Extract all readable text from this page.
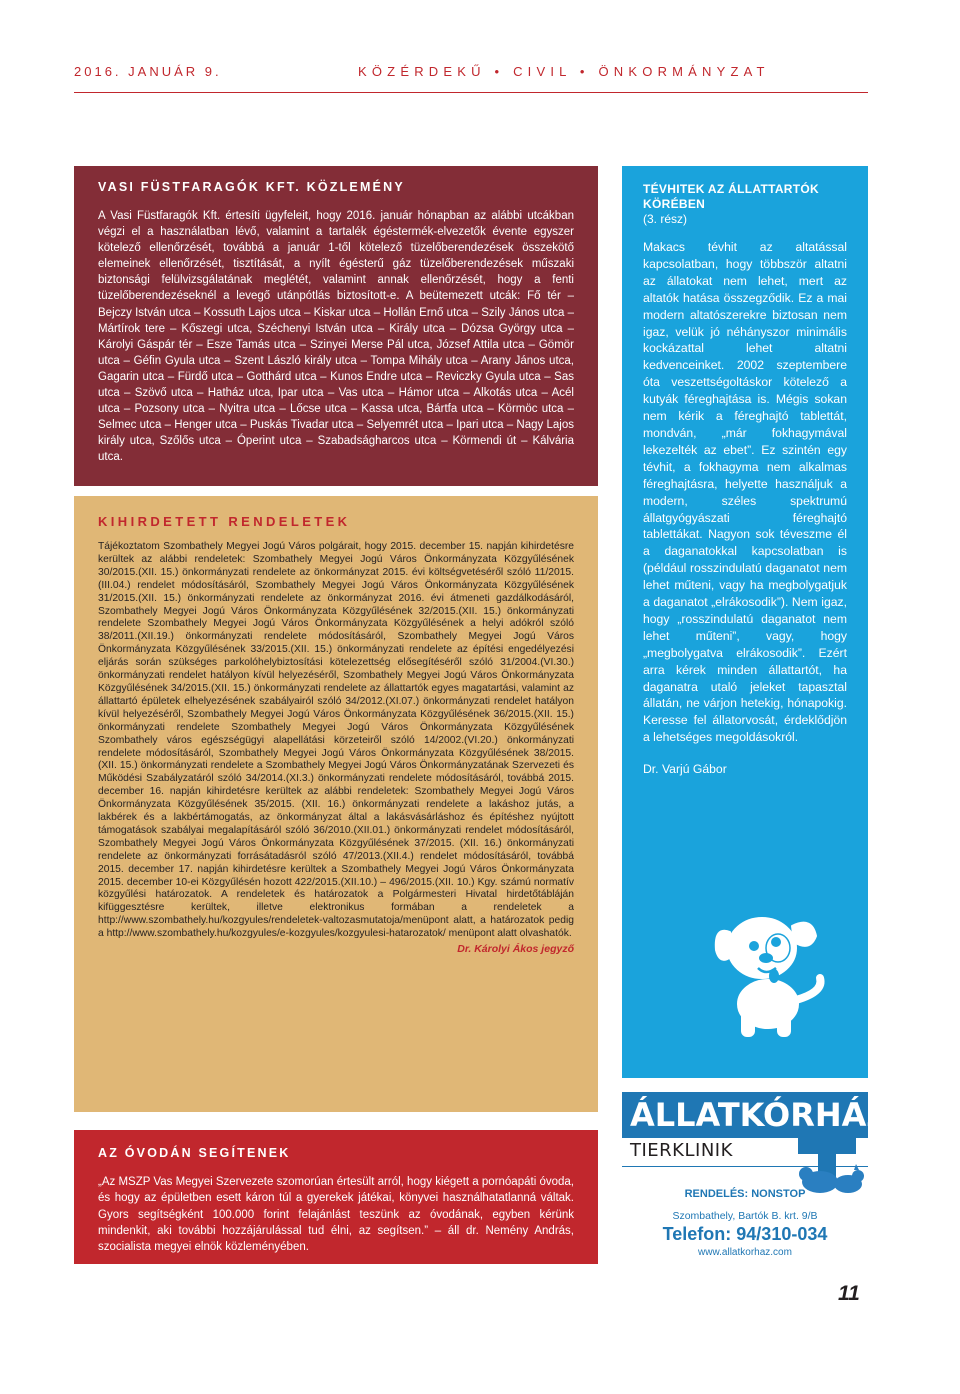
2016. JANUÁR 9.	KÖZÉRDEKŰ • CIVIL • ÖNKORMÁNYZAT
VASI FÜSTFARAGÓK KFT. KÖZLEMÉNY

A Vasi Füstfaragók Kft. értesíti ügyfeleit, hogy 2016. január hónapban az alábbi utcákban végzi el a használatban lévő, valamint a tartalék égéstermék-elvezetők évente egyszer kötelező ellenőrzését, továbbá a január 1-től kötelező tüzelőberendezések összekötő elemeinek ellenőrzését, tisztítását, a nyílt égésterű gáz tüzelőberendezések műszaki biztonsági felülvizsgálatának meglétét, valamint annak ellenőrzését, hogy a fenti tüzelőberendezéseknél a levegő utánpótlás biztosított-e. A beütemezett utcák: Fő tér – Bejczy István utca – Kossuth Lajos utca – Kiskar utca – Hollán Ernő utca – Szily János utca – Mártírok tere – Kőszegi utca, Széchenyi István utca – Király utca – Dózsa György utca – Károlyi Gáspár tér – Esze Tamás utca – Szinyei Merse Pál utca, József Attila utca – Gömör utca – Géfin Gyula utca – Szent László király utca – Tompa Mihály utca – Arany János utca, Gagarin utca – Fürdő utca – Gotthárd utca – Kunos Endre utca – Reviczky Gyula utca – Sas utca – Szövő utca – Hatház utca, Ipar utca – Vas utca – Hámor utca – Alkotás utca – Acél utca – Pozsony utca – Nyitra utca – Lőcse utca – Kassa utca, Bártfa utca – Körmöc utca – Selmec utca – Henger utca – Puskás Tivadar utca – Selyemrét utca – Ipari utca – Nagy Lajos király utca, Szőlős utca – Óperint utca – Szabadságharcos utca – Körmendi út – Kálvária utca.

KIHIRDETETT RENDELETEK

Tájékoztatom Szombathely Megyei Jogú Város polgárait, hogy 2015. december 15. napján kihirdetésre kerültek az alábbi rendeletek: Szombathely Megyei Jogú Város Önkormányzata Közgyűlésének 30/2015.(XII. 15.) önkormányzati rendelete az önkormányzat 2015. évi költségvetéséről szóló 11/2015.(III.04.) rendelet módosításáról, Szombathely Megyei Jogú Város Önkormányzata Közgyűlésének 31/2015.(XII. 15.) önkormányzati rendelete az önkormányzat 2016. évi átmeneti gazdálkodásáról, Szombathely Megyei Jogú Város Önkormányzata Közgyűlésének 32/2015.(XII. 15.) önkormányzati rendelete Szombathely Megyei Jogú Város Önkormányzata Közgyűlésének a helyi adókról szóló 38/2011.(XII.19.) önkormányzati rendelete módosításáról, Szombathely Megyei Jogú Város Önkormányzata Közgyűlésének 33/2015.(XII. 15.) önkormányzati rendelete az építési engedélyezési eljárás során szükséges parkolóhelybiztosítási kötelezettség elősegítéséről szóló 31/2004.(VI.30.) önkormányzati rendelet hatályon kívül helyezéséről, Szombathely Megyei Jogú Város Önkormányzata Közgyűlésének 34/2015.(XII. 15.) önkormányzati rendelete az állattartók egyes magatartási, valamint az állattartó épületek elhelyezésének szabályairól szóló 34/2012.(XI.07.) önkormányzati rendelet hatályon kívül helyezéséről, Szombathely Megyei Jogú Város Önkormányzata Közgyűlésének 36/2015.(XII. 15.) önkormányzati rendelete Szombathely Megyei Jogú Város Önkormányzata Közgyűlésének Szombathely város egészségügyi alapellátási körzeteiről szóló 14/2002.(VI.20.) önkormányzati rendelete módosításáról, Szombathely Megyei Jogú Város Önkormányzata Közgyűlésének 38/2015.(XII. 15.) önkormányzati rendelete a Szombathely Megyei Jogú Város Önkormányzatának Szervezeti és Működési Szabályzatáról szóló 34/2014.(XI.3.) önkormányzati rendelete módosításáról, továbbá 2015. december 16. napján kihirdetésre kerültek az alábbi rendeletek: Szombathely Megyei Jogú Város Önkormányzata Közgyűlésének 35/2015. (XII. 16.) önkormányzati rendelete a lakáshoz jutás, a lakbérek és a lakbértámogatás, az önkormányzat által a lakásvásárláshoz és építéshez nyújtott támogatások szabályai megalapításáról szóló 36/2010.(XII.01.) önkormányzati rendelet módosításáról, Szombathely Megyei Jogú Város Önkormányzata Közgyűlésének 37/2015. (XII. 16.) önkormányzati rendelete az önkormányzati forrásátadásról szóló 47/2013.(XII.4.) rendelet módosításáról, továbbá 2015. december 17. napján kihirdetésre kerültek a Szombathely Megyei Jogú Város Önkormányzata 2015. december 10-ei Közgyűlésén hozott 422/2015.(XII.10.) – 496/2015.(XII. 10.) Kgy. számú normatív közgyűlési határozatok. A rendeletek és határozatok a Polgármesteri Hivatal hirdetőtábláján kifüggesztésre kerültek, illetve elektronikus formában a rendeletek a http://www.szombathely.hu/kozgyules/rendeletek-valtozasmutatoja/menüpont alatt, a határozatok pedig a http://www.szombathely.hu/kozgyules/e-kozgyules/kozgyulesi-hatarozatok/ menüpont alatt olvashatók.

Dr. Károlyi Ákos jegyző

AZ ÓVODÁN SEGÍTENEK

„Az MSZP Vas Megyei Szervezete szomorúan értesült arról, hogy kiégett a pornóapáti óvoda, és hogy az épületben esett káron túl a gyerekek játékai, könyvei használhatatlanná váltak. Gyors segítségként 100.000 forint felajánlást teszünk az óvodának, egyben kérünk mindenkit, aki további hozzájárulással tud élni, az segítsen.” – áll dr. Nemény András, szocialista megyei elnök közleményében.

TÉVHITEK AZ ÁLLATTARTÓK KÖRÉBEN
(3. rész)

Makacs tévhit az altatással kapcsolatban, hogy többször altatni az állatokat nem lehet, mert az altatók hatása összegződik. Ez a mai modern altatószerekre biztosan nem igaz, velük jó néhányszor minimális kockázattal lehet altatni kedvenceinket. 2002 szeptembere óta veszettségoltáskor kötelező a kutyák féreghajtása is. Mégis sokan nem kérik a féreghajtó tablettát, mondván, „már fokhagymával lekezelték az ebet”. Ez szintén egy tévhit, a fokhagyma nem alkalmas féreghajtásra, helyette használjuk a modern, széles spektrumú állatgyógyászati féreghajtó tablettákat. Nagyon sok téveszme él a daganatokkal kapcsolatban is (például rosszindulatú daganatot nem lehet műteni, vagy ha megbolygatjuk a daganatot „elrákosodik”). Nem igaz, hogy „rosszindulatú daganatot nem lehet műteni”, vagy, hogy „megbolygatva elrákosodik”. Ezért arra kérek minden állattartót, ha daganatra utaló jeleket tapasztal állatán, ne várjon hetekig, hónapokig. Keresse fel állatorvosát, érdeklődjön a lehetséges megoldásokról.

Dr. Varjú Gábor
ÁLLATKÓRHÁZ
TIERKLINIK
RENDELÉS: NONSTOP
Szombathely, Bartók B. krt. 9/B
Telefon: 94/310-034
www.allatkorhaz.com
11
